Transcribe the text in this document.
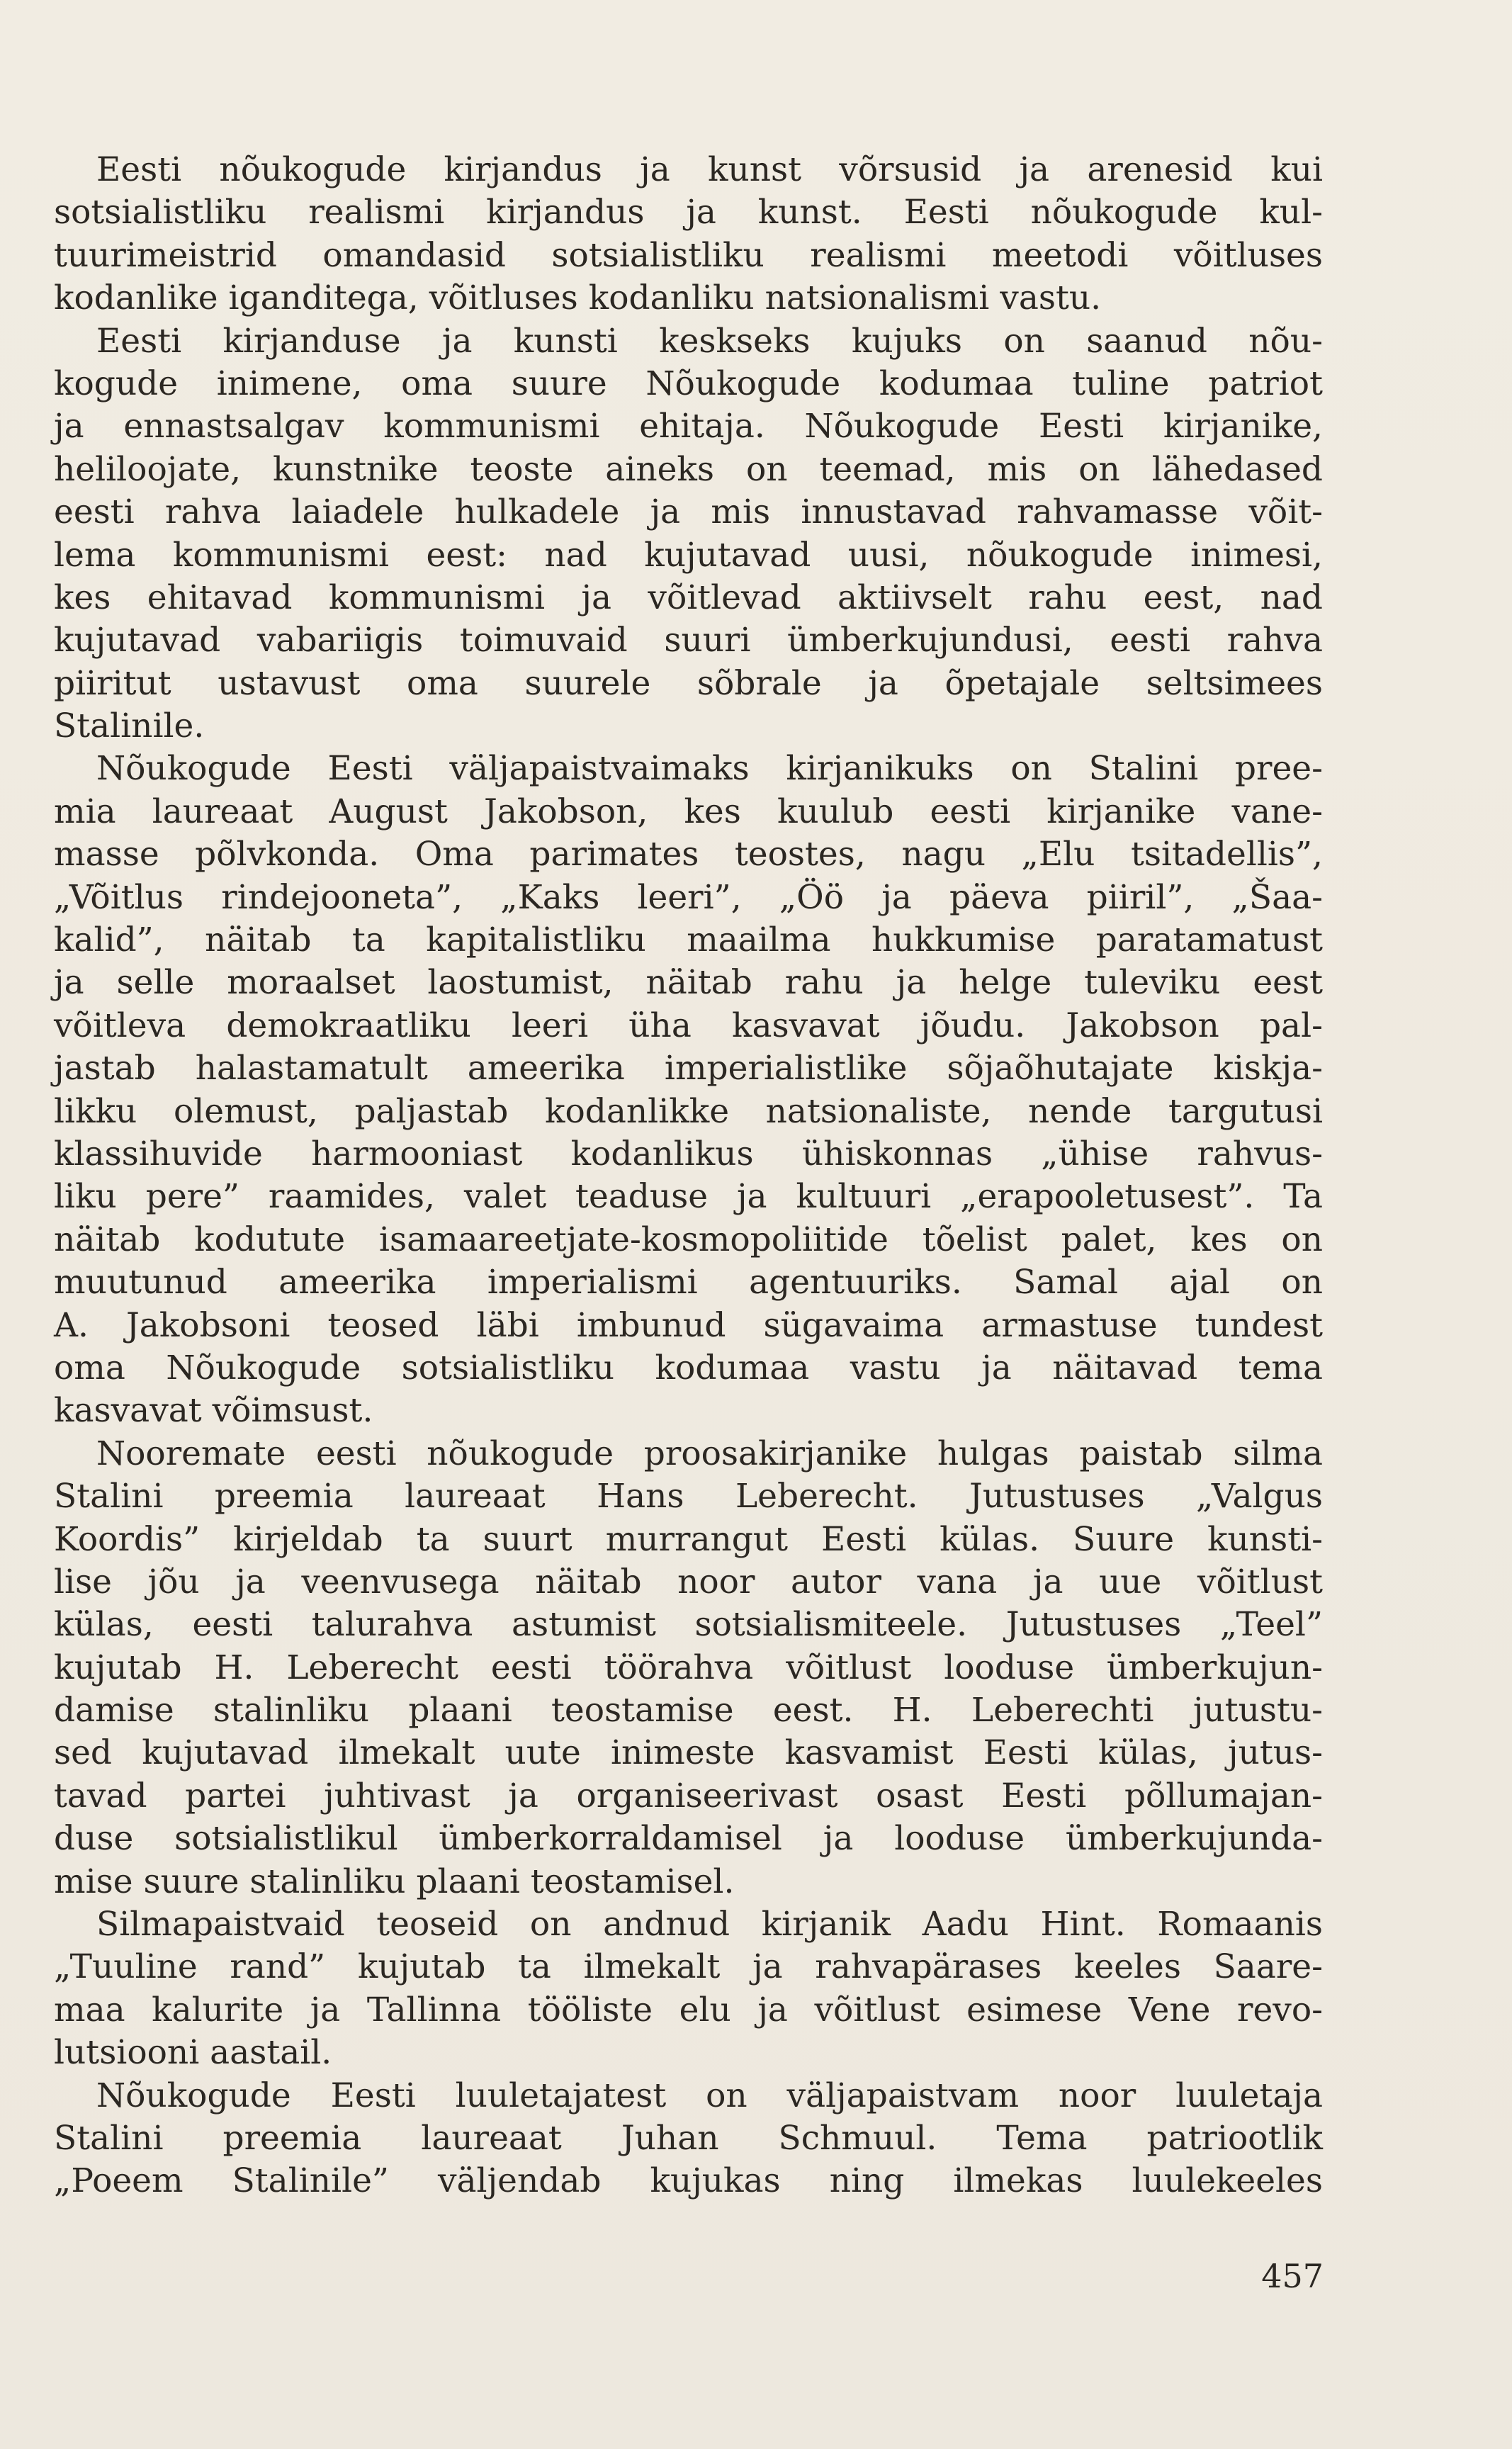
Eesti nõukogude kirjandus ja kunst võrsusid ja arenesid kui
sotsialistliku realismi kirjandus ja kunst. Eesti nõukogude kul-
tuurimeistrid omandasid sotsialistliku realismi meetodi võitluses
kodanlike iganditega, võitluses kodanliku natsionalismi vastu.
Eesti kirjanduse ja kunsti keskseks kujuks on saanud nõu-
kogude inimene, oma suure Nõukogude kodumaa tuline patriot
ja ennastsalgav kommunismi ehitaja. Nõukogude Eesti kirjanike,
heliloojate, kunstnike teoste aineks on teemad, mis on lähedased
eesti rahva laiadele hulkadele ja mis innustavad rahvamasse võit-
lema kommunismi eest: nad kujutavad uusi, nõukogude inimesi,
kes ehitavad kommunismi ja võitlevad aktiivselt rahu eest, nad
kujutavad vabariigis toimuvaid suuri ümberkujundusi, eesti rahva
piiritut ustavust oma suurele sõbrale ja õpetajale seltsimees
Stalinile.
Nõukogude Eesti väljapaistvaimaks kirjanikuks on Stalini pree-
mia laureaat August Jakobson, kes kuulub eesti kirjanike vane-
masse põlvkonda. Oma parimates teostes, nagu „Elu tsitadellis”,
„Võitlus rindejooneta”, „Kaks leeri”, „Öö ja päeva piiril”, „Šaa-
kalid”, näitab ta kapitalistliku maailma hukkumise paratamatust
ja selle moraalset laostumist, näitab rahu ja helge tuleviku eest
võitleva demokraatliku leeri üha kasvavat jõudu. Jakobson pal-
jastab halastamatult ameerika imperialistlike sõjaõhutajate kiskja-
likku olemust, paljastab kodanlikke natsionaliste, nende targutusi
klassihuvide harmooniast kodanlikus ühiskonnas „ühise rahvus-
liku pere” raamides, valet teaduse ja kultuuri „erapooletusest”. Ta
näitab kodutute isamaareetjate-kosmopoliitide tõelist palet, kes on
muutunud ameerika imperialismi agentuuriks. Samal ajal on
A. Jakobsoni teosed läbi imbunud sügavaima armastuse tundest
oma Nõukogude sotsialistliku kodumaa vastu ja näitavad tema
kasvavat võimsust.
Nooremate eesti nõukogude proosakirjanike hulgas paistab silma
Stalini preemia laureaat Hans Leberecht. Jutustuses „Valgus
Koordis” kirjeldab ta suurt murrangut Eesti külas. Suure kunsti-
lise jõu ja veenvusega näitab noor autor vana ja uue võitlust
külas, eesti talurahva astumist sotsialismiteele. Jutustuses „Teel”
kujutab H. Leberecht eesti töörahva võitlust looduse ümberkujun-
damise stalinliku plaani teostamise eest. H. Leberechti jutustu-
sed kujutavad ilmekalt uute inimeste kasvamist Eesti külas, jutus-
tavad partei juhtivast ja organiseerivast osast Eesti põllumajan-
duse sotsialistlikul ümberkorraldamisel ja looduse ümberkujunda-
mise suure stalinliku plaani teostamisel.
Silmapaistvaid teoseid on andnud kirjanik Aadu Hint. Romaanis
„Tuuline rand” kujutab ta ilmekalt ja rahvapärases keeles Saare-
maa kalurite ja Tallinna tööliste elu ja võitlust esimese Vene revo-
lutsiooni aastail.
Nõukogude Eesti luuletajatest on väljapaistvam noor luuletaja
Stalini preemia laureaat Juhan Schmuul. Tema patriootlik
„Poeem Stalinile” väljendab kujukas ning ilmekas luulekeeles
457
